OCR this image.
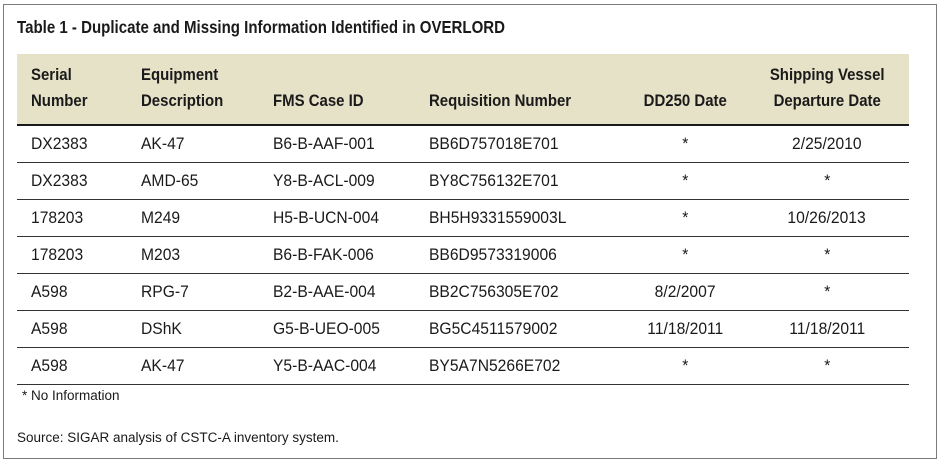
Table 1 - Duplicate and Missing Information Identified in OVERLORD
Serial
Number	Equipment
Description	FMS Case ID	Requisition Number	DD250 Date	Shipping Vessel
Departure Date
DX2383	AK-47	B6-B-AAF-001	BB6D757018E701	*	2/25/2010
DX2383	AMD-65	Y8-B-ACL-009	BY8C756132E701	*	*
178203	M249	H5-B-UCN-004	BH5H9331559003L	*	10/26/2013
178203	M203	B6-B-FAK-006	BB6D9573319006	*	*
A598	RPG-7	B2-B-AAE-004	BB2C756305E702	8/2/2007	*
A598	DShK	G5-B-UEO-005	BG5C4511579002	11/18/2011	11/18/2011
A598	AK-47	Y5-B-AAC-004	BY5A7N5266E702	*	*
* No Information
Source: SIGAR analysis of CSTC-A inventory system.
